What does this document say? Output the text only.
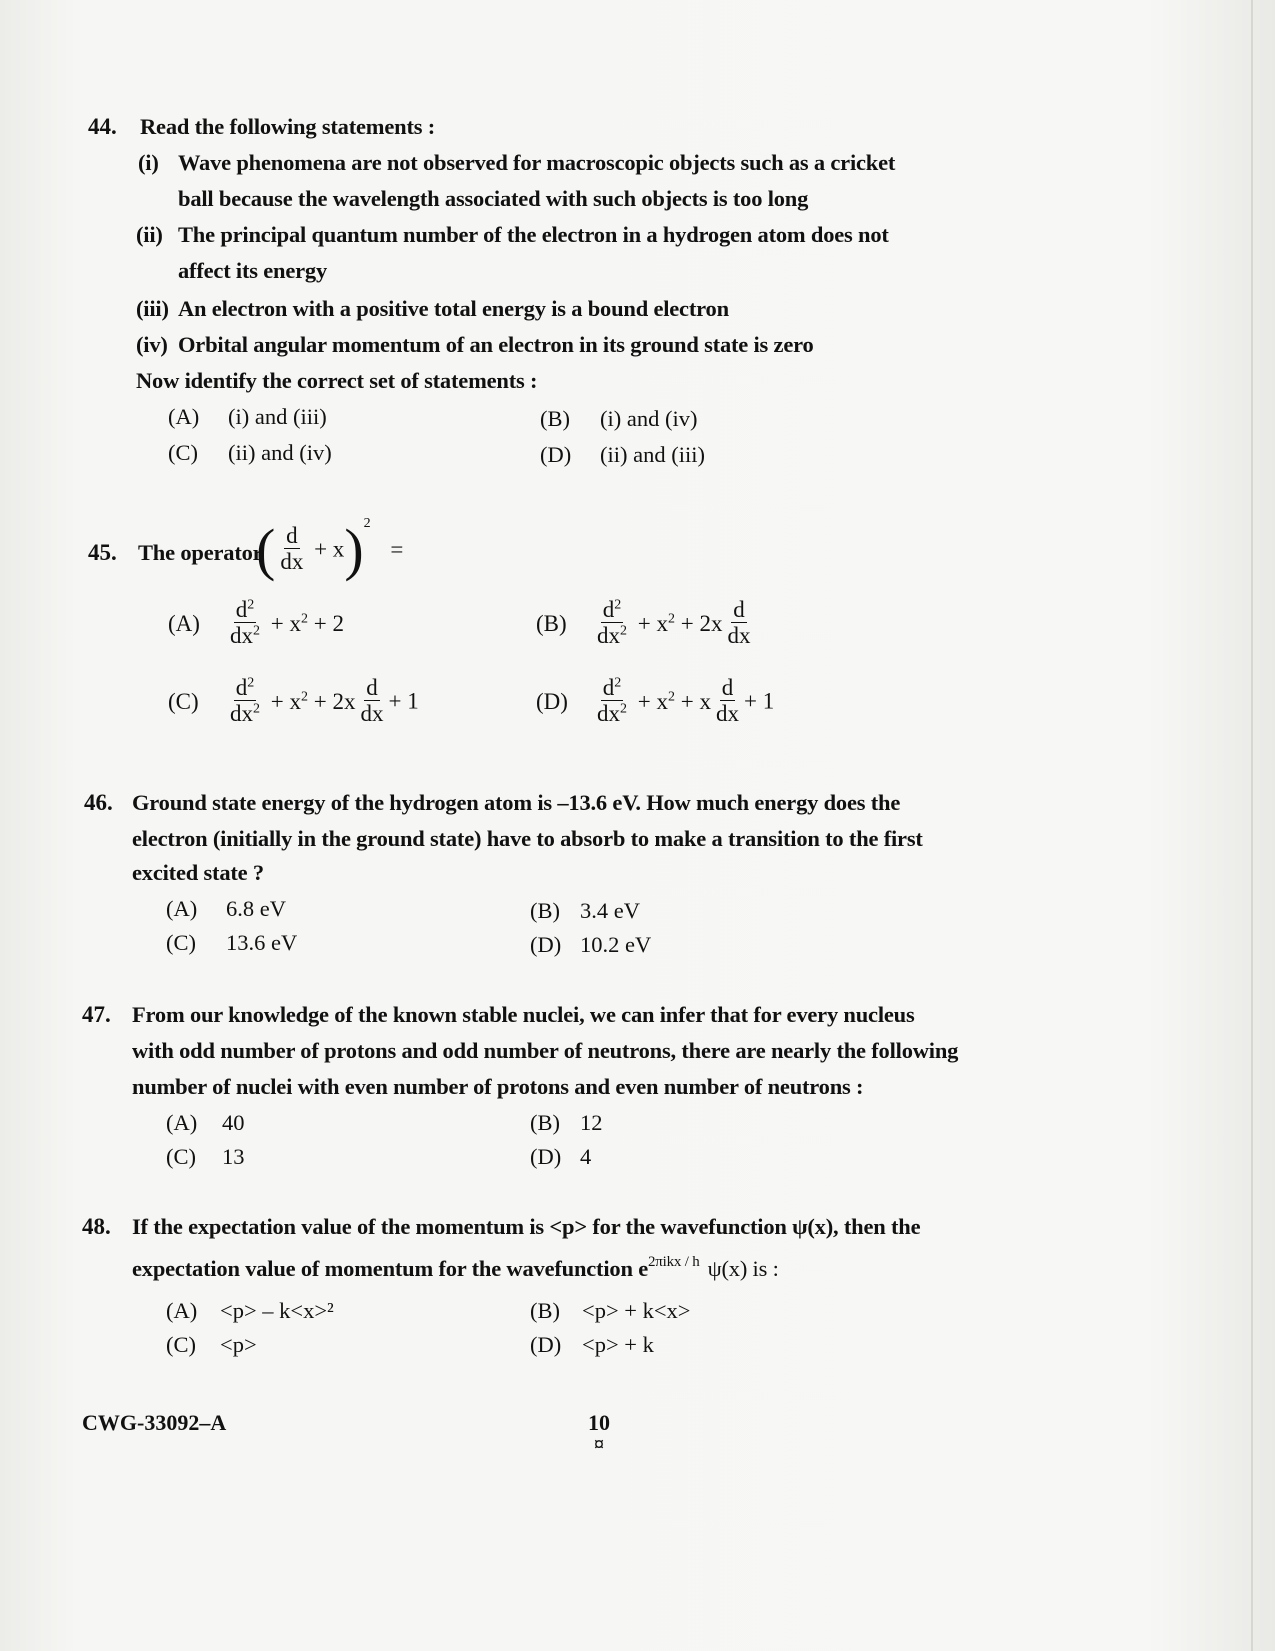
44. Read the following statements :
(i) Wave phenomena are not observed for macroscopic objects such as a cricket
ball because the wavelength associated with such objects is too long
(ii) The principal quantum number of the electron in a hydrogen atom does not
affect its energy
(iii) An electron with a positive total energy is a bound electron
(iv) Orbital angular momentum of an electron in its ground state is zero
Now identify the correct set of statements :
(A) (i) and (iii)	(B) (i) and (iv)
(C) (ii) and (iv)	(D) (ii) and (iii)
45. The operator
( $\frac{d}{dx} + x)^2$ =
$(A) \frac{d^2}{dx^2} + x^2 + 2$	$(B) \frac{d^2}{dx^2} + x^2 + 2x \frac{d}{dx}$
$(C) \frac{d^2}{dx^2} + x^2 + 2x \frac{d}{dx} + 1$	$(D) \frac{d^2}{dx^2} + x^2 + x \frac{d}{dx} + 1$
46. Ground state energy of the hydrogen atom is –13.6 eV. How much energy does the
electron (initially in the ground state) have to absorb to make a transition to the first
excited state ?
(A) 6.8 eV	(B) 3.4 eV
(C) 13.6 eV	(D) 10.2 eV
47. From our knowledge of the known stable nuclei, we can infer that for every nucleus
with odd number of protons and odd number of neutrons, there are nearly the following
number of nuclei with even number of protons and even number of neutrons :
(A) 40	(B) 12
(C) 13	(D) 4
48. If the expectation value of the momentum is <p> for the wavefunction ψ(x), then the
expectation value of momentum for the wavefunction $e^{2\pi ikx / h}$ ψ(x) is :
(A) <p> – k<x>²	(B) <p> + k<x>
(C) <p>	(D) <p> + k
CWG-33092–A	10
¤
